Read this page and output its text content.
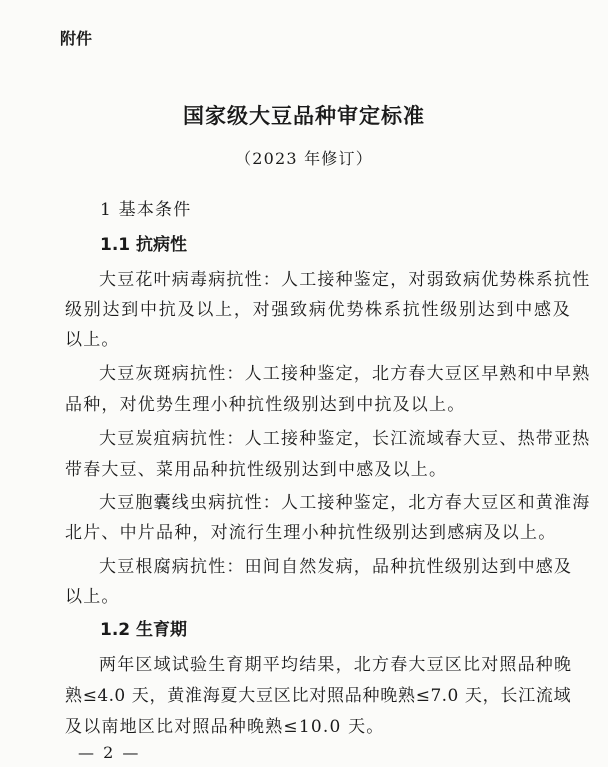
附件
国家级大豆品种审定标准
（2023 年修订）
1 基本条件
1.1 抗病性
大豆花叶病毒病抗性：人工接种鉴定，对弱致病优势株系抗性
级别达到中抗及以上，对强致病优势株系抗性级别达到中感及
以上。
大豆灰斑病抗性：人工接种鉴定，北方春大豆区早熟和中早熟
品种，对优势生理小种抗性级别达到中抗及以上。
大豆炭疽病抗性：人工接种鉴定，长江流域春大豆、热带亚热
带春大豆、菜用品种抗性级别达到中感及以上。
大豆胞囊线虫病抗性：人工接种鉴定，北方春大豆区和黄淮海
北片、中片品种，对流行生理小种抗性级别达到感病及以上。
大豆根腐病抗性：田间自然发病，品种抗性级别达到中感及
以上。
1.2 生育期
两年区域试验生育期平均结果，北方春大豆区比对照品种晚
熟≤4.0 天，黄淮海夏大豆区比对照品种晚熟≤7.0 天，长江流域
及以南地区比对照品种晚熟≤10.0 天。
— 2 —
